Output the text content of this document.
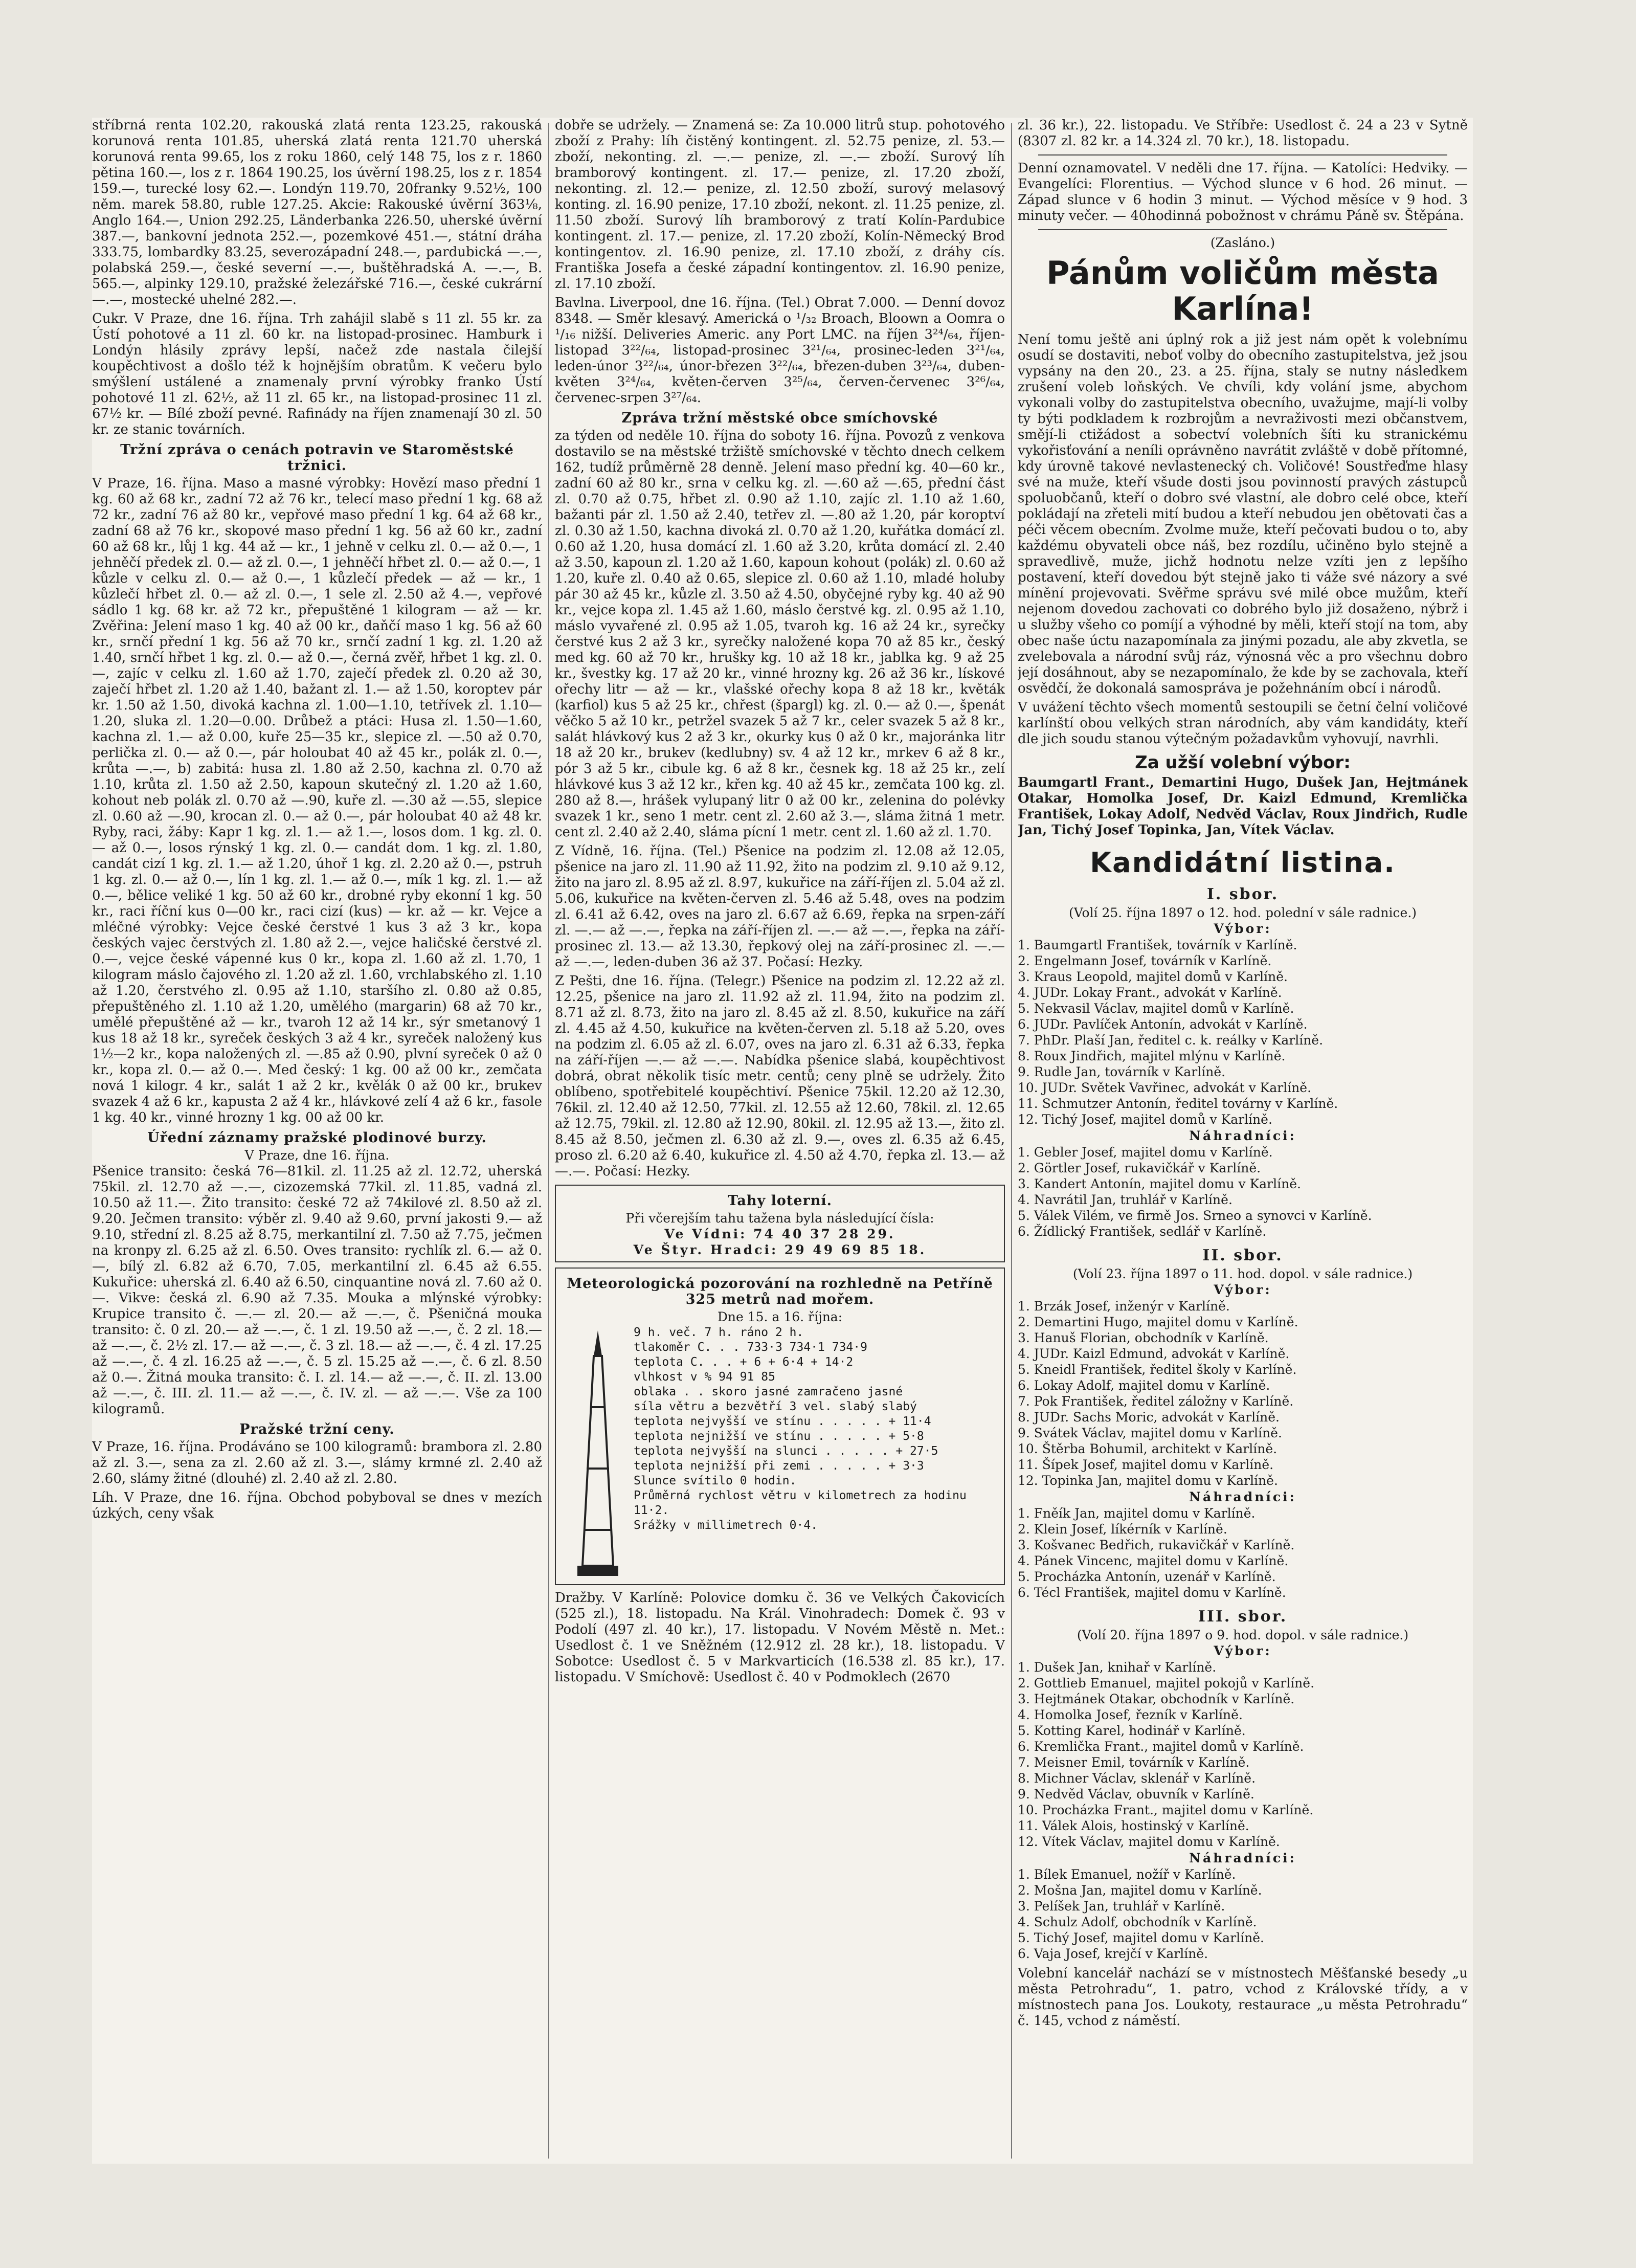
stříbrná renta 102.20, rakouská zlatá renta 123.25, rakouská korunová renta 101.85, uherská zlatá renta 121.70 uherská korunová renta 99.65, los z roku 1860, celý 148 75, los z r. 1860 pětina 160.—, los z r. 1864 190.25, los úvěrní 198.25, los z r. 1854 159.—, turecké losy 62.—. Londýn 119.70, 20franky 9.52½, 100 něm. marek 58.80, ruble 127.25. Akcie: Rakouské úvěrní 363⅛, Anglo 164.—, Union 292.25, Länderbanka 226.50, uherské úvěrní 387.—, bankovní jednota 252.—, pozemkové 451.—, státní dráha 333.75, lombardky 83.25, severozápadní 248.—, pardubická —.—, polabská 259.—, české severní —.—, buštěhradská A. —.—, B. 565.—, alpinky 129.10, pražské železářské 716.—, české cukrární —.—, mostecké uhelné 282.—.

Cukr. V Praze, dne 16. října. Trh zahájil slabě s 11 zl. 55 kr. za Ústí pohotové a 11 zl. 60 kr. na listopad-prosinec. Hamburk i Londýn hlásily zprávy lepší, načež zde nastala čilejší koupěchtivost a došlo též k hojnějším obratům. K večeru bylo smýšlení ustálené a znamenaly první výrobky franko Ústí pohotové 11 zl. 62½, až 11 zl. 65 kr., na listopad-prosinec 11 zl. 67½ kr. — Bílé zboží pevné. Rafinády na říjen znamenají 30 zl. 50 kr. ze stanic továrních.

Tržní zpráva o cenách potravin ve Staroměstské tržnici.

V Praze, 16. října. Maso a masné výrobky: Hovězí maso přední 1 kg. 60 až 68 kr., zadní 72 až 76 kr., telecí maso přední 1 kg. 68 až 72 kr., zadní 76 až 80 kr., vepřové maso přední 1 kg. 64 až 68 kr., zadní 68 až 76 kr., skopové maso přední 1 kg. 56 až 60 kr., zadní 60 až 68 kr., lůj 1 kg. 44 až — kr., 1 jehně v celku zl. 0.— až 0.—, 1 jehněčí předek zl. 0.— až zl. 0.—, 1 jehněčí hřbet zl. 0.— až 0.—, 1 kůzle v celku zl. 0.— až 0.—, 1 kůzlečí předek — až — kr., 1 kůzlečí hřbet zl. 0.— až zl. 0.—, 1 sele zl. 2.50 až 4.—, vepřové sádlo 1 kg. 68 kr. až 72 kr., přepuštěné 1 kilogram — až — kr. Zvěřina: Jelení maso 1 kg. 40 až 00 kr., daňčí maso 1 kg. 56 až 60 kr., srnčí přední 1 kg. 56 až 70 kr., srnčí zadní 1 kg. zl. 1.20 až 1.40, srnčí hřbet 1 kg. zl. 0.— až 0.—, černá zvěř, hřbet 1 kg. zl. 0.—, zajíc v celku zl. 1.60 až 1.70, zaječí předek zl. 0.20 až 30, zaječí hřbet zl. 1.20 až 1.40, bažant zl. 1.— až 1.50, koroptev pár kr. 1.50 až 1.50, divoká kachna zl. 1.00—1.10, tetřívek zl. 1.10—1.20, sluka zl. 1.20—0.00. Drůbež a ptáci: Husa zl. 1.50—1.60, kachna zl. 1.— až 0.00, kuře 25—35 kr., slepice zl. —.50 až 0.70, perlička zl. 0.— až 0.—, pár holoubat 40 až 45 kr., polák zl. 0.—, krůta —.—, b) zabitá: husa zl. 1.80 až 2.50, kachna zl. 0.70 až 1.10, krůta zl. 1.50 až 2.50, kapoun skutečný zl. 1.20 až 1.60, kohout neb polák zl. 0.70 až —.90, kuře zl. —.30 až —.55, slepice zl. 0.60 až —.90, krocan zl. 0.— až 0.—, pár holoubat 40 až 48 kr. Ryby, raci, žáby: Kapr 1 kg. zl. 1.— až 1.—, losos dom. 1 kg. zl. 0.— až 0.—, losos rýnský 1 kg. zl. 0.— candát dom. 1 kg. zl. 1.80, candát cizí 1 kg. zl. 1.— až 1.20, úhoř 1 kg. zl. 2.20 až 0.—, pstruh 1 kg. zl. 0.— až 0.—, lín 1 kg. zl. 1.— až 0.—, mík 1 kg. zl. 1.— až 0.—, bělice veliké 1 kg. 50 až 60 kr., drobné ryby ekonní 1 kg. 50 kr., raci říční kus 0—00 kr., raci cizí (kus) — kr. až — kr. Vejce a mléčné výrobky: Vejce české čerstvé 1 kus 3 až 3 kr., kopa českých vajec čerstvých zl. 1.80 až 2.—, vejce haličské čerstvé zl. 0.—, vejce české vápenné kus 0 kr., kopa zl. 1.60 až zl. 1.70, 1 kilogram máslo čajového zl. 1.20 až zl. 1.60, vrchlabského zl. 1.10 až 1.20, čerstvého zl. 0.95 až 1.10, staršího zl. 0.80 až 0.85, přepuštěného zl. 1.10 až 1.20, umělého (margarin) 68 až 70 kr., umělé přepuštěné až — kr., tvaroh 12 až 14 kr., sýr smetanový 1 kus 18 až 18 kr., syreček českých 3 až 4 kr., syreček naložený kus 1½—2 kr., kopa naložených zl. —.85 až 0.90, plvní syreček 0 až 0 kr., kopa zl. 0.— až 0.—. Med český: 1 kg. 00 až 00 kr., zemčata nová 1 kilogr. 4 kr., salát 1 až 2 kr., kvělák 0 až 00 kr., brukev svazek 4 až 6 kr., kapusta 2 až 4 kr., hlávkové zelí 4 až 6 kr., fasole 1 kg. 40 kr., vinné hrozny 1 kg. 00 až 00 kr.

Úřední záznamy pražské plodinové burzy.
V Praze, dne 16. října.

Pšenice transito: česká 76—81kil. zl. 11.25 až zl. 12.72, uherská 75kil. zl. 12.70 až —.—, cizozemská 77kil. zl. 11.85, vadná zl. 10.50 až 11.—. Žito transito: české 72 až 74kilové zl. 8.50 až zl. 9.20. Ječmen transito: výběr zl. 9.40 až 9.60, první jakosti 9.— až 9.10, střední zl. 8.25 až 8.75, merkantilní zl. 7.50 až 7.75, ječmen na kronpy zl. 6.25 až zl. 6.50. Oves transito: rychlík zl. 6.— až 0.—, bílý zl. 6.82 až 6.70, 7.05, merkantilní zl. 6.45 až 6.55. Kukuřice: uherská zl. 6.40 až 6.50, cinquantine nová zl. 7.60 až 0.—. Vikve: česká zl. 6.90 až 7.35. Mouka a mlýnské výrobky: Krupice transito č. —.— zl. 20.— až —.—, č. Pšeničná mouka transito: č. 0 zl. 20.— až —.—, č. 1 zl. 19.50 až —.—, č. 2 zl. 18.— až —.—, č. 2½ zl. 17.— až —.—, č. 3 zl. 18.— až —.—, č. 4 zl. 17.25 až —.—, č. 4 zl. 16.25 až —.—, č. 5 zl. 15.25 až —.—, č. 6 zl. 8.50 až 0.—. Žitná mouka transito: č. I. zl. 14.— až —.—, č. II. zl. 13.00 až —.—, č. III. zl. 11.— až —.—, č. IV. zl. — až —.—. Vše za 100 kilogramů.

Pražské tržní ceny.

V Praze, 16. října. Prodáváno se 100 kilogramů: brambora zl. 2.80 až zl. 3.—, sena za zl. 2.60 až zl. 3.—, slámy krmné zl. 2.40 až 2.60, slámy žitné (dlouhé) zl. 2.40 až zl. 2.80.

Líh. V Praze, dne 16. října. Obchod pobyboval se dnes v mezích úzkých, ceny však

dobře se udržely. — Znamená se: Za 10.000 litrů stup. pohotového zboží z Prahy: líh čistěný kontingent. zl. 52.75 penize, zl. 53.— zboží, nekonting. zl. —.— penize, zl. —.— zboží. Surový líh bramborový kontingent. zl. 17.— penize, zl. 17.20 zboží, nekonting. zl. 12.— penize, zl. 12.50 zboží, surový melasový konting. zl. 16.90 penize, 17.10 zboží, nekont. zl. 11.25 penize, zl. 11.50 zboží. Surový líh bramborový z tratí Kolín-Pardubice kontingent. zl. 17.— penize, zl. 17.20 zboží, Kolín-Německý Brod kontingentov. zl. 16.90 penize, zl. 17.10 zboží, z dráhy cís. Františka Josefa a české západní kontingentov. zl. 16.90 penize, zl. 17.10 zboží.

Bavlna. Liverpool, dne 16. října. (Tel.) Obrat 7.000. — Denní dovoz 8348. — Směr klesavý. Americká o ¹/₃₂ Broach, Bloown a Oomra o ¹/₁₆ nižší. Deliveries Americ. any Port LMC. na říjen 3²⁴/₆₄, říjen-listopad 3²²/₆₄, listopad-prosinec 3²¹/₆₄, prosinec-leden 3²¹/₆₄, leden-únor 3²²/₆₄, únor-březen 3²²/₆₄, březen-duben 3²³/₆₄, duben-květen 3²⁴/₆₄, květen-červen 3²⁵/₆₄, červen-červenec 3²⁶/₆₄, červenec-srpen 3²⁷/₆₄.

Zpráva tržní městské obce smíchovské

za týden od neděle 10. října do soboty 16. října. Povozů z venkova dostavilo se na městské tržiště smíchovské v těchto dnech celkem 162, tudíž průměrně 28 denně. Jelení maso přední kg. 40—60 kr., zadní 60 až 80 kr., srna v celku kg. zl. —.60 až —.65, přední část zl. 0.70 až 0.75, hřbet zl. 0.90 až 1.10, zajíc zl. 1.10 až 1.60, bažanti pár zl. 1.50 až 2.40, tetřev zl. —.80 až 1.20, pár koroptví zl. 0.30 až 1.50, kachna divoká zl. 0.70 až 1.20, kuřátka domácí zl. 0.60 až 1.20, husa domácí zl. 1.60 až 3.20, krůta domácí zl. 2.40 až 3.50, kapoun zl. 1.20 až 1.60, kapoun kohout (polák) zl. 0.60 až 1.20, kuře zl. 0.40 až 0.65, slepice zl. 0.60 až 1.10, mladé holuby pár 30 až 45 kr., kůzle zl. 3.50 až 4.50, obyčejné ryby kg. 40 až 90 kr., vejce kopa zl. 1.45 až 1.60, máslo čerstvé kg. zl. 0.95 až 1.10, máslo vyvařené zl. 0.95 až 1.05, tvaroh kg. 16 až 24 kr., syrečky čerstvé kus 2 až 3 kr., syrečky naložené kopa 70 až 85 kr., český med kg. 60 až 70 kr., hrušky kg. 10 až 18 kr., jablka kg. 9 až 25 kr., švestky kg. 17 až 20 kr., vinné hrozny kg. 26 až 36 kr., lískové ořechy litr — až — kr., vlašské ořechy kopa 8 až 18 kr., květák (karfiol) kus 5 až 25 kr., chřest (špargl) kg. zl. 0.— až 0.—, špenát věčko 5 až 10 kr., petržel svazek 5 až 7 kr., celer svazek 5 až 8 kr., salát hlávkový kus 2 až 3 kr., okurky kus 0 až 0 kr., majoránka litr 18 až 20 kr., brukev (kedlubny) sv. 4 až 12 kr., mrkev 6 až 8 kr., pór 3 až 5 kr., cibule kg. 6 až 8 kr., česnek kg. 18 až 25 kr., zelí hlávkové kus 3 až 12 kr., křen kg. 40 až 45 kr., zemčata 100 kg. zl. 280 až 8.—, hrášek vylupaný litr 0 až 00 kr., zelenina do polévky svazek 1 kr., seno 1 metr. cent zl. 2.60 až 3.—, sláma žitná 1 metr. cent zl. 2.40 až 2.40, sláma pícní 1 metr. cent zl. 1.60 až zl. 1.70.

Z Vídně, 16. října. (Tel.) Pšenice na podzim zl. 12.08 až 12.05, pšenice na jaro zl. 11.90 až 11.92, žito na podzim zl. 9.10 až 9.12, žito na jaro zl. 8.95 až zl. 8.97, kukuřice na září-říjen zl. 5.04 až zl. 5.06, kukuřice na květen-červen zl. 5.46 až 5.48, oves na podzim zl. 6.41 až 6.42, oves na jaro zl. 6.67 až 6.69, řepka na srpen-září zl. —.— až —.—, řepka na září-říjen zl. —.— až —.—, řepka na září-prosinec zl. 13.— až 13.30, řepkový olej na září-prosinec zl. —.— až —.—, leden-duben 36 až 37. Počasí: Hezky.

Z Pešti, dne 16. října. (Telegr.) Pšenice na podzim zl. 12.22 až zl. 12.25, pšenice na jaro zl. 11.92 až zl. 11.94, žito na podzim zl. 8.71 až zl. 8.73, žito na jaro zl. 8.45 až zl. 8.50, kukuřice na září zl. 4.45 až 4.50, kukuřice na květen-červen zl. 5.18 až 5.20, oves na podzim zl. 6.05 až zl. 6.07, oves na jaro zl. 6.31 až 6.33, řepka na září-říjen —.— až —.—. Nabídka pšenice slabá, koupěchtivost dobrá, obrat několik tisíc metr. centů; ceny plně se udržely. Žito oblíbeno, spotřebitelé koupěchtiví. Pšenice 75kil. 12.20 až 12.30, 76kil. zl. 12.40 až 12.50, 77kil. zl. 12.55 až 12.60, 78kil. zl. 12.65 až 12.75, 79kil. zl. 12.80 až 12.90, 80kil. zl. 12.95 až 13.—, žito zl. 8.45 až 8.50, ječmen zl. 6.30 až zl. 9.—, oves zl. 6.35 až 6.45, proso zl. 6.20 až 6.40, kukuřice zl. 4.50 až 4.70, řepka zl. 13.— až —.—. Počasí: Hezky.

Tahy loterní.
Při včerejším tahu tažena byla následující čísla:
Ve Vídni: 74 40 37 28 29.
Ve Štyr. Hradci: 29 49 69 85 18.
Meteorologická pozorování na rozhledně na Petříně 325 metrů nad mořem.
Dne 15. a 16. října:
9 h. več. 7 h. ráno 2 h.
tlakoměr C. . . 733·3 734·1 734·9
teplota C. . . + 6 + 6·4 + 14·2
vlhkost v % 94 91 85
oblaka . . skoro jasné zamračeno jasné
síla větru a bezvětří 3 vel. slabý slabý
teplota nejvyšší ve stínu . . . . . + 11·4
teplota nejnižší ve stínu . . . . . + 5·8
teplota nejvyšší na slunci . . . . . + 27·5
teplota nejnižší při zemi . . . . . + 3·3
Slunce svítilo 0 hodin.
Průměrná rychlost větru v kilometrech za hodinu 11·2.
Srážky v millimetrech 0·4.

Dražby. V Karlíně: Polovice domku č. 36 ve Velkých Čakovicích (525 zl.), 18. listopadu. Na Král. Vinohradech: Domek č. 93 v Podolí (497 zl. 40 kr.), 17. listopadu. V Novém Městě n. Met.: Usedlost č. 1 ve Sněžném (12.912 zl. 28 kr.), 18. listopadu. V Sobotce: Usedlost č. 5 v Markvarticích (16.538 zl. 85 kr.), 17. listopadu. V Smíchově: Usedlost č. 40 v Podmoklech (2670

zl. 36 kr.), 22. listopadu. Ve Stříbře: Usedlost č. 24 a 23 v Sytně (8307 zl. 82 kr. a 14.324 zl. 70 kr.), 18. listopadu.

Denní oznamovatel. V neděli dne 17. října. — Katolíci: Hedviky. — Evangelíci: Florentius. — Východ slunce v 6 hod. 26 minut. — Západ slunce v 6 hodin 3 minut. — Východ měsíce v 9 hod. 3 minuty večer. — 40hodinná pobožnost v chrámu Páně sv. Štěpána.

(Zasláno.)
Pánům voličům města Karlína!

Není tomu ještě ani úplný rok a již jest nám opět k volebnímu osudí se dostaviti, neboť volby do obecního zastupitelstva, jež jsou vypsány na den 20., 23. a 25. října, staly se nutny následkem zrušení voleb loňských. Ve chvíli, kdy volání jsme, abychom vykonali volby do zastupitelstva obecního, uvažujme, mají-li volby ty býti podkladem k rozbrojům a nevraživosti mezi občanstvem, smějí-li ctižádost a sobectví volebních šíti ku stranickému vykořisťování a neníli oprávněno navrátit zvláště v době přítomné, kdy úrovně takové nevlastenecký ch. Voličové! Soustřeďme hlasy své na muže, kteří všude dosti jsou povinností pravých zástupců spoluobčanů, kteří o dobro své vlastní, ale dobro celé obce, kteří pokládají na zřeteli mití budou a kteří nebudou jen obětovati čas a péči věcem obecním. Zvolme muže, kteří pečovati budou o to, aby každému obyvateli obce náš, bez rozdílu, učiněno bylo stejně a spravedlivě, muže, jichž hodnotu nelze vzíti jen z lepšího postavení, kteří dovedou být stejně jako ti váže své názory a své mínění projevovati. Svěřme správu své milé obce mužům, kteří nejenom dovedou zachovati co dobrého bylo již dosaženo, nýbrž i u služby všeho co pomíjí a výhodné by měli, kteří stojí na tom, aby obec naše úctu nazapomínala za jinými pozadu, ale aby zkvetla, se zvelebovala a národní svůj ráz, výnosná věc a pro všechnu dobro její dosáhnout, aby se nezapomínalo, že kde by se zachovala, kteří osvědčí, že dokonalá samospráva je požehnáním obcí i národů.

V uvážení těchto všech momentů sestoupili se četní čelní voličové karlínští obou velkých stran národních, aby vám kandidáty, kteří dle jich soudu stanou výtečným požadavkům vyhovují, navrhli.

Za užší volební výbor:

Baumgartl Frant., Demartini Hugo, Dušek Jan, Hejtmánek Otakar, Homolka Josef, Dr. Kaizl Edmund, Kremlička František, Lokay Adolf, Nedvěd Václav, Roux Jindřich, Rudle Jan, Tichý Josef Topinka, Jan, Vítek Václav.

Kandidátní listina.
I. sbor.
(Volí 25. října 1897 o 12. hod. polední v sále radnice.)
Výbor:
1. Baumgartl František, továrník v Karlíně.
2. Engelmann Josef, továrník v Karlíně.
3. Kraus Leopold, majitel domů v Karlíně.
4. JUDr. Lokay Frant., advokát v Karlíně.
5. Nekvasil Václav, majitel domů v Karlíně.
6. JUDr. Pavlíček Antonín, advokát v Karlíně.
7. PhDr. Plaší Jan, ředitel c. k. reálky v Karlíně.
8. Roux Jindřich, majitel mlýnu v Karlíně.
9. Rudle Jan, továrník v Karlíně.
10. JUDr. Světek Vavřinec, advokát v Karlíně.
11. Schmutzer Antonín, ředitel továrny v Karlíně.
12. Tichý Josef, majitel domů v Karlíně.
Náhradníci:
1. Gebler Josef, majitel domu v Karlíně.
2. Görtler Josef, rukavičkář v Karlíně.
3. Kandert Antonín, majitel domu v Karlíně.
4. Navrátil Jan, truhlář v Karlíně.
5. Válek Vilém, ve firmě Jos. Srneo a synovci v Karlíně.
6. Žídlický František, sedlář v Karlíně.
II. sbor.
(Volí 23. října 1897 o 11. hod. dopol. v sále radnice.)
Výbor:
1. Brzák Josef, inženýr v Karlíně.
2. Demartini Hugo, majitel domu v Karlíně.
3. Hanuš Florian, obchodník v Karlíně.
4. JUDr. Kaizl Edmund, advokát v Karlíně.
5. Kneidl František, ředitel školy v Karlíně.
6. Lokay Adolf, majitel domu v Karlíně.
7. Pok František, ředitel záložny v Karlíně.
8. JUDr. Sachs Moric, advokát v Karlíně.
9. Svátek Václav, majitel domu v Karlíně.
10. Štěrba Bohumil, architekt v Karlíně.
11. Šípek Josef, majitel domu v Karlíně.
12. Topinka Jan, majitel domu v Karlíně.
Náhradníci:
1. Fněík Jan, majitel domu v Karlíně.
2. Klein Josef, líkérník v Karlíně.
3. Košvanec Bedřich, rukavičkář v Karlíně.
4. Pánek Vincenc, majitel domu v Karlíně.
5. Procházka Antonín, uzenář v Karlíně.
6. Técl František, majitel domu v Karlíně.
III. sbor.
(Volí 20. října 1897 o 9. hod. dopol. v sále radnice.)
Výbor:
1. Dušek Jan, knihař v Karlíně.
2. Gottlieb Emanuel, majitel pokojů v Karlíně.
3. Hejtmánek Otakar, obchodník v Karlíně.
4. Homolka Josef, řezník v Karlíně.
5. Kotting Karel, hodinář v Karlíně.
6. Kremlička Frant., majitel domů v Karlíně.
7. Meisner Emil, továrník v Karlíně.
8. Michner Václav, sklenář v Karlíně.
9. Nedvěd Václav, obuvník v Karlíně.
10. Procházka Frant., majitel domu v Karlíně.
11. Válek Alois, hostinský v Karlíně.
12. Vítek Václav, majitel domu v Karlíně.
Náhradníci:
1. Bílek Emanuel, nožíř v Karlíně.
2. Mošna Jan, majitel domu v Karlíně.
3. Pelíšek Jan, truhlář v Karlíně.
4. Schulz Adolf, obchodník v Karlíně.
5. Tichý Josef, majitel domu v Karlíně.
6. Vaja Josef, krejčí v Karlíně.

Volební kancelář nachází se v místnostech Měšťanské besedy „u města Petrohradu“, 1. patro, vchod z Královské třídy, a v místnostech pana Jos. Loukoty, restaurace „u města Petrohradu“ č. 145, vchod z náměstí.
